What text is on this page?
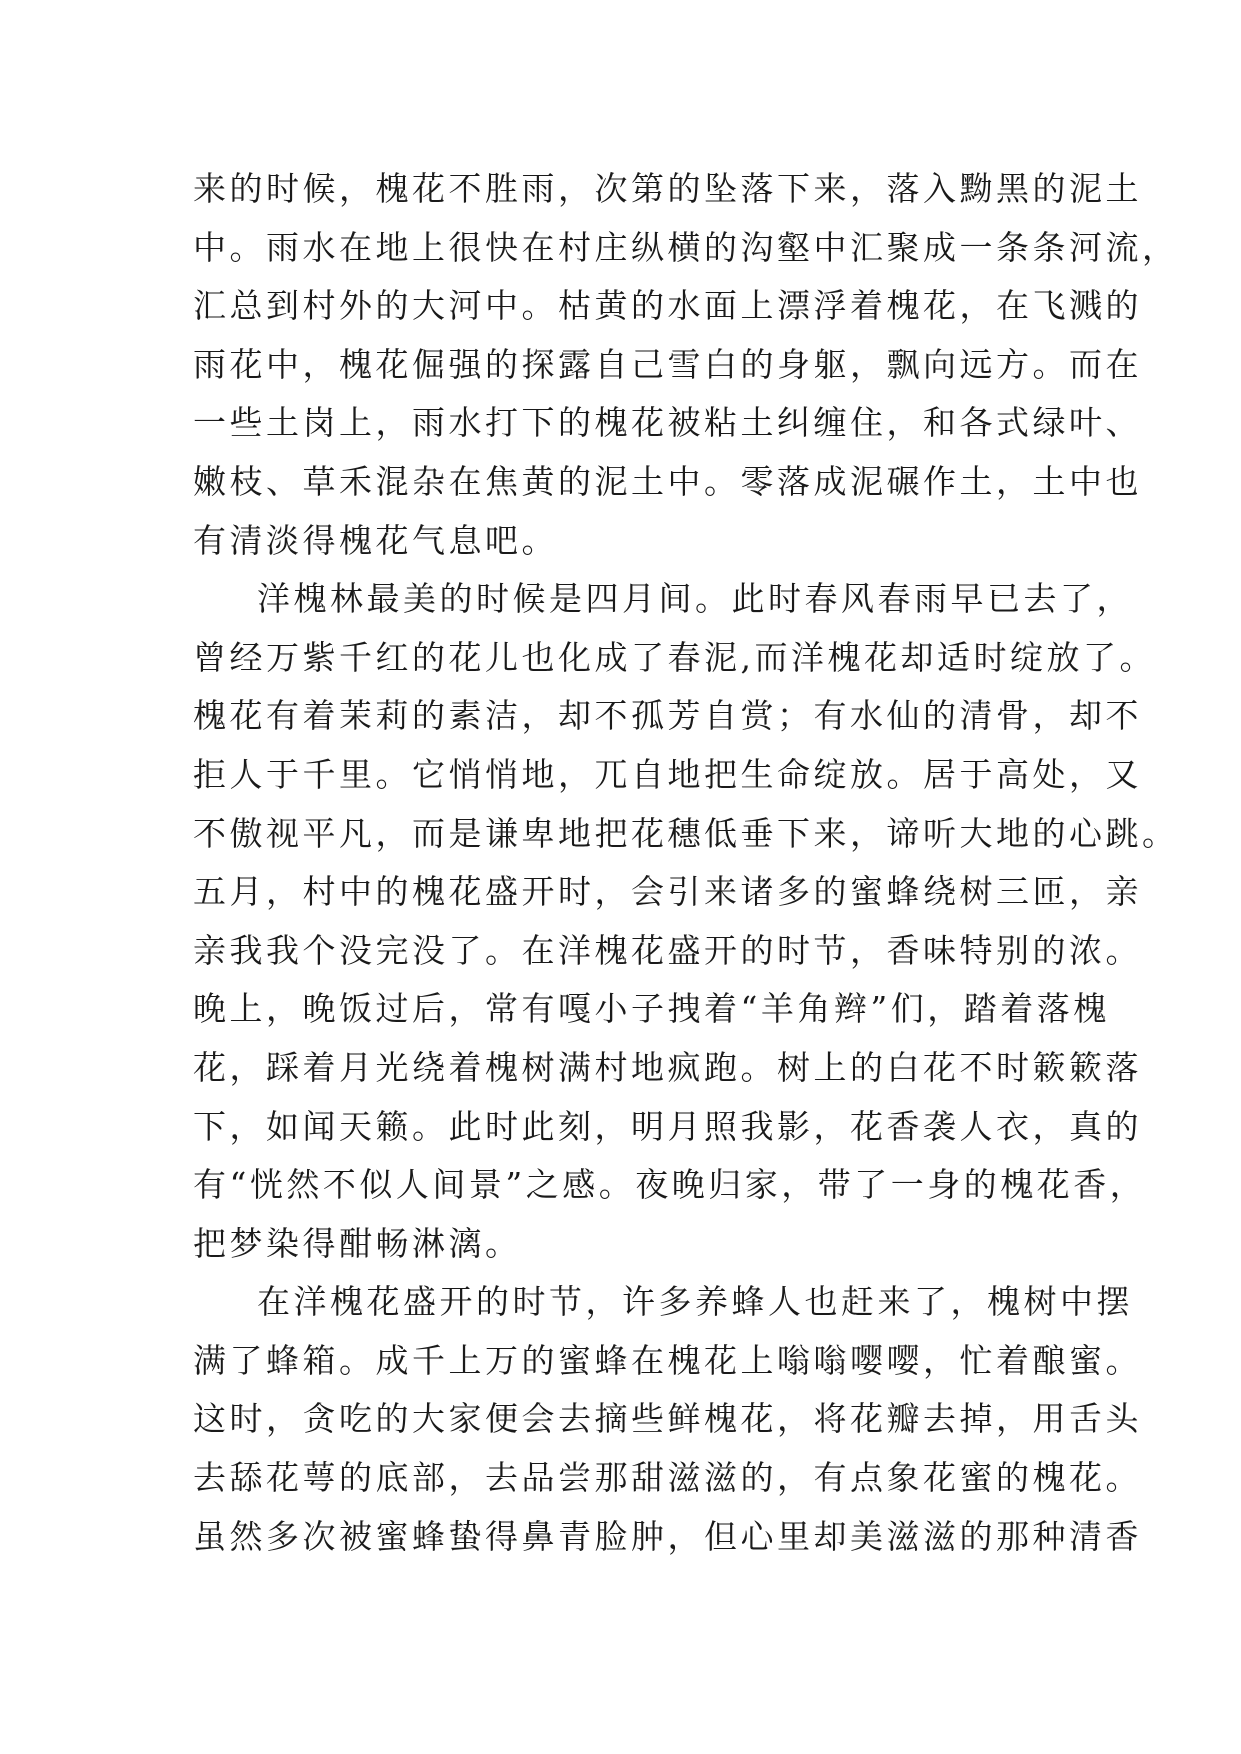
来的时候，槐花不胜雨，次第的坠落下来，落入黝黑的泥土
中。雨水在地上很快在村庄纵横的沟壑中汇聚成一条条河流，
汇总到村外的大河中。枯黄的水面上漂浮着槐花，在飞溅的
雨花中，槐花倔强的探露自己雪白的身躯，飘向远方。而在
一些土岗上，雨水打下的槐花被粘土纠缠住，和各式绿叶、
嫩枝、草禾混杂在焦黄的泥土中。零落成泥碾作土，土中也
有清淡得槐花气息吧。
洋槐林最美的时候是四月间。此时春风春雨早已去了，
曾经万紫千红的花儿也化成了春泥,而洋槐花却适时绽放了。
槐花有着茉莉的素洁，却不孤芳自赏；有水仙的清骨，却不
拒人于千里。它悄悄地，兀自地把生命绽放。居于高处，又
不傲视平凡，而是谦卑地把花穗低垂下来，谛听大地的心跳。
五月，村中的槐花盛开时，会引来诸多的蜜蜂绕树三匝，亲
亲我我个没完没了。在洋槐花盛开的时节，香味特别的浓。
晚上，晚饭过后，常有嘎小子拽着“羊角辫”们，踏着落槐
花，踩着月光绕着槐树满村地疯跑。树上的白花不时簌簌落
下，如闻天籁。此时此刻，明月照我影，花香袭人衣，真的
有“恍然不似人间景”之感。夜晚归家，带了一身的槐花香，
把梦染得酣畅淋漓。
在洋槐花盛开的时节，许多养蜂人也赶来了，槐树中摆
满了蜂箱。成千上万的蜜蜂在槐花上嗡嗡嘤嘤，忙着酿蜜。
这时，贪吃的大家便会去摘些鲜槐花，将花瓣去掉，用舌头
去舔花萼的底部，去品尝那甜滋滋的，有点象花蜜的槐花。
虽然多次被蜜蜂蛰得鼻青脸肿，但心里却美滋滋的那种清香
